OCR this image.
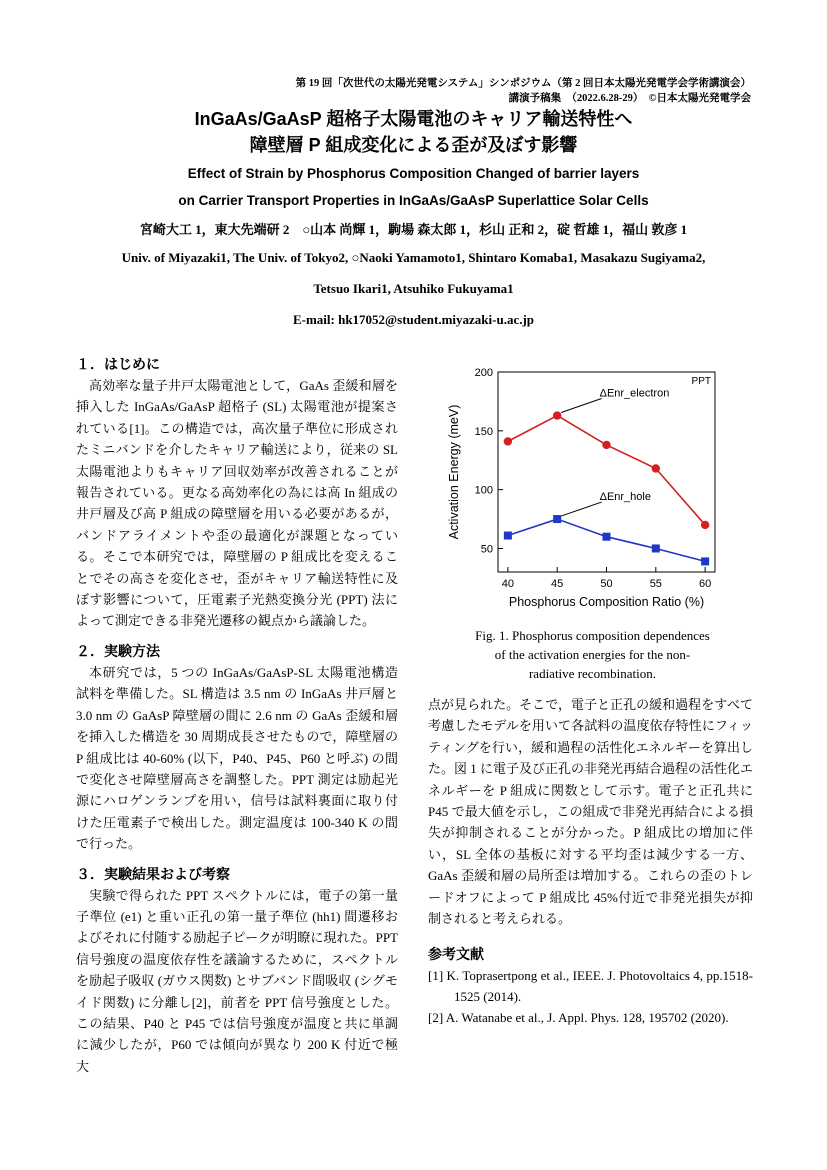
第 19 回「次世代の太陽光発電システム」シンポジウム（第 2 回日本太陽光発電学会学術講演会）
講演予稿集　（2022.6.28-29）　©日本太陽光発電学会
InGaAs/GaAsP 超格子太陽電池のキャリア輸送特性へ
障壁層 P 組成変化による歪が及ぼす影響
Effect of Strain by Phosphorus Composition Changed of barrier layers
on Carrier Transport Properties in InGaAs/GaAsP Superlattice Solar Cells
宮崎大工 1，東大先端研 2　○山本 尚輝 1，駒場 森太郎 1，杉山 正和 2，碇 哲雄 1，福山 敦彦 1
Univ. of Miyazaki1, The Univ. of Tokyo2, ○Naoki Yamamoto1, Shintaro Komaba1, Masakazu Sugiyama2,
Tetsuo Ikari1, Atsuhiko Fukuyama1
E-mail: hk17052@student.miyazaki-u.ac.jp
１．はじめに

高効率な量子井戸太陽電池として，GaAs 歪緩和層を挿入した InGaAs/GaAsP 超格子 (SL) 太陽電池が提案されている[1]。この構造では，高次量子準位に形成されたミニバンドを介したキャリア輸送により，従来の SL 太陽電池よりもキャリア回収効率が改善されることが報告されている。更なる高効率化の為には高 In 組成の井戸層及び高 P 組成の障壁層を用いる必要があるが，バンドアライメントや歪の最適化が課題となっている。そこで本研究では，障壁層の P 組成比を変えることでその高さを変化させ，歪がキャリア輸送特性に及ぼす影響について，圧電素子光熱変換分光 (PPT) 法によって測定できる非発光遷移の観点から議論した。

２．実験方法

本研究では，5 つの InGaAs/GaAsP-SL 太陽電池構造試料を準備した。SL 構造は 3.5 nm の InGaAs 井戸層と 3.0 nm の GaAsP 障壁層の間に 2.6 nm の GaAs 歪緩和層を挿入した構造を 30 周期成長させたもので，障壁層の P 組成比は 40-60% (以下，P40、P45、P60 と呼ぶ) の間で変化させ障壁層高さを調整した。PPT 測定は励起光源にハロゲンランプを用い，信号は試料裏面に取り付けた圧電素子で検出した。測定温度は 100-340 K の間で行った。

３．実験結果および考察

実験で得られた PPT スペクトルには，電子の第一量子準位 (e1) と重い正孔の第一量子準位 (hh1) 間遷移およびそれに付随する励起子ピークが明瞭に現れた。PPT 信号強度の温度依存性を議論するために，スペクトルを励起子吸収 (ガウス関数) とサブバンド間吸収 (シグモイド関数) に分離し[2]，前者を PPT 信号強度とした。この結果、P40 と P45 では信号強度が温度と共に単調に減少したが，P60 では傾向が異なり 200 K 付近で極大

40	45	50	55	60
50
100
150
200
ΔEnr_electron
ΔEnr_hole
PPT
Phosphorus Composition Ratio (%)
Activation Energy (meV)
Fig. 1. Phosphorus composition dependences
of the activation energies for the non-
radiative recombination.

点が見られた。そこで，電子と正孔の緩和過程をすべて考慮したモデルを用いて各試料の温度依存特性にフィッティングを行い，緩和過程の活性化エネルギーを算出した。図 1 に電子及び正孔の非発光再結合過程の活性化エネルギーを P 組成に関数として示す。電子と正孔共に P45 で最大値を示し，この組成で非発光再結合による損失が抑制されることが分かった。P 組成比の増加に伴い，SL 全体の基板に対する平均歪は減少する一方、GaAs 歪緩和層の局所歪は増加する。これらの歪のトレードオフによって P 組成比 45%付近で非発光損失が抑制されると考えられる。

参考文献

[1] K. Toprasertpong et al., IEEE. J. Photovoltaics 4, pp.1518-1525 (2014).

[2] A. Watanabe et al., J. Appl. Phys. 128, 195702 (2020).
